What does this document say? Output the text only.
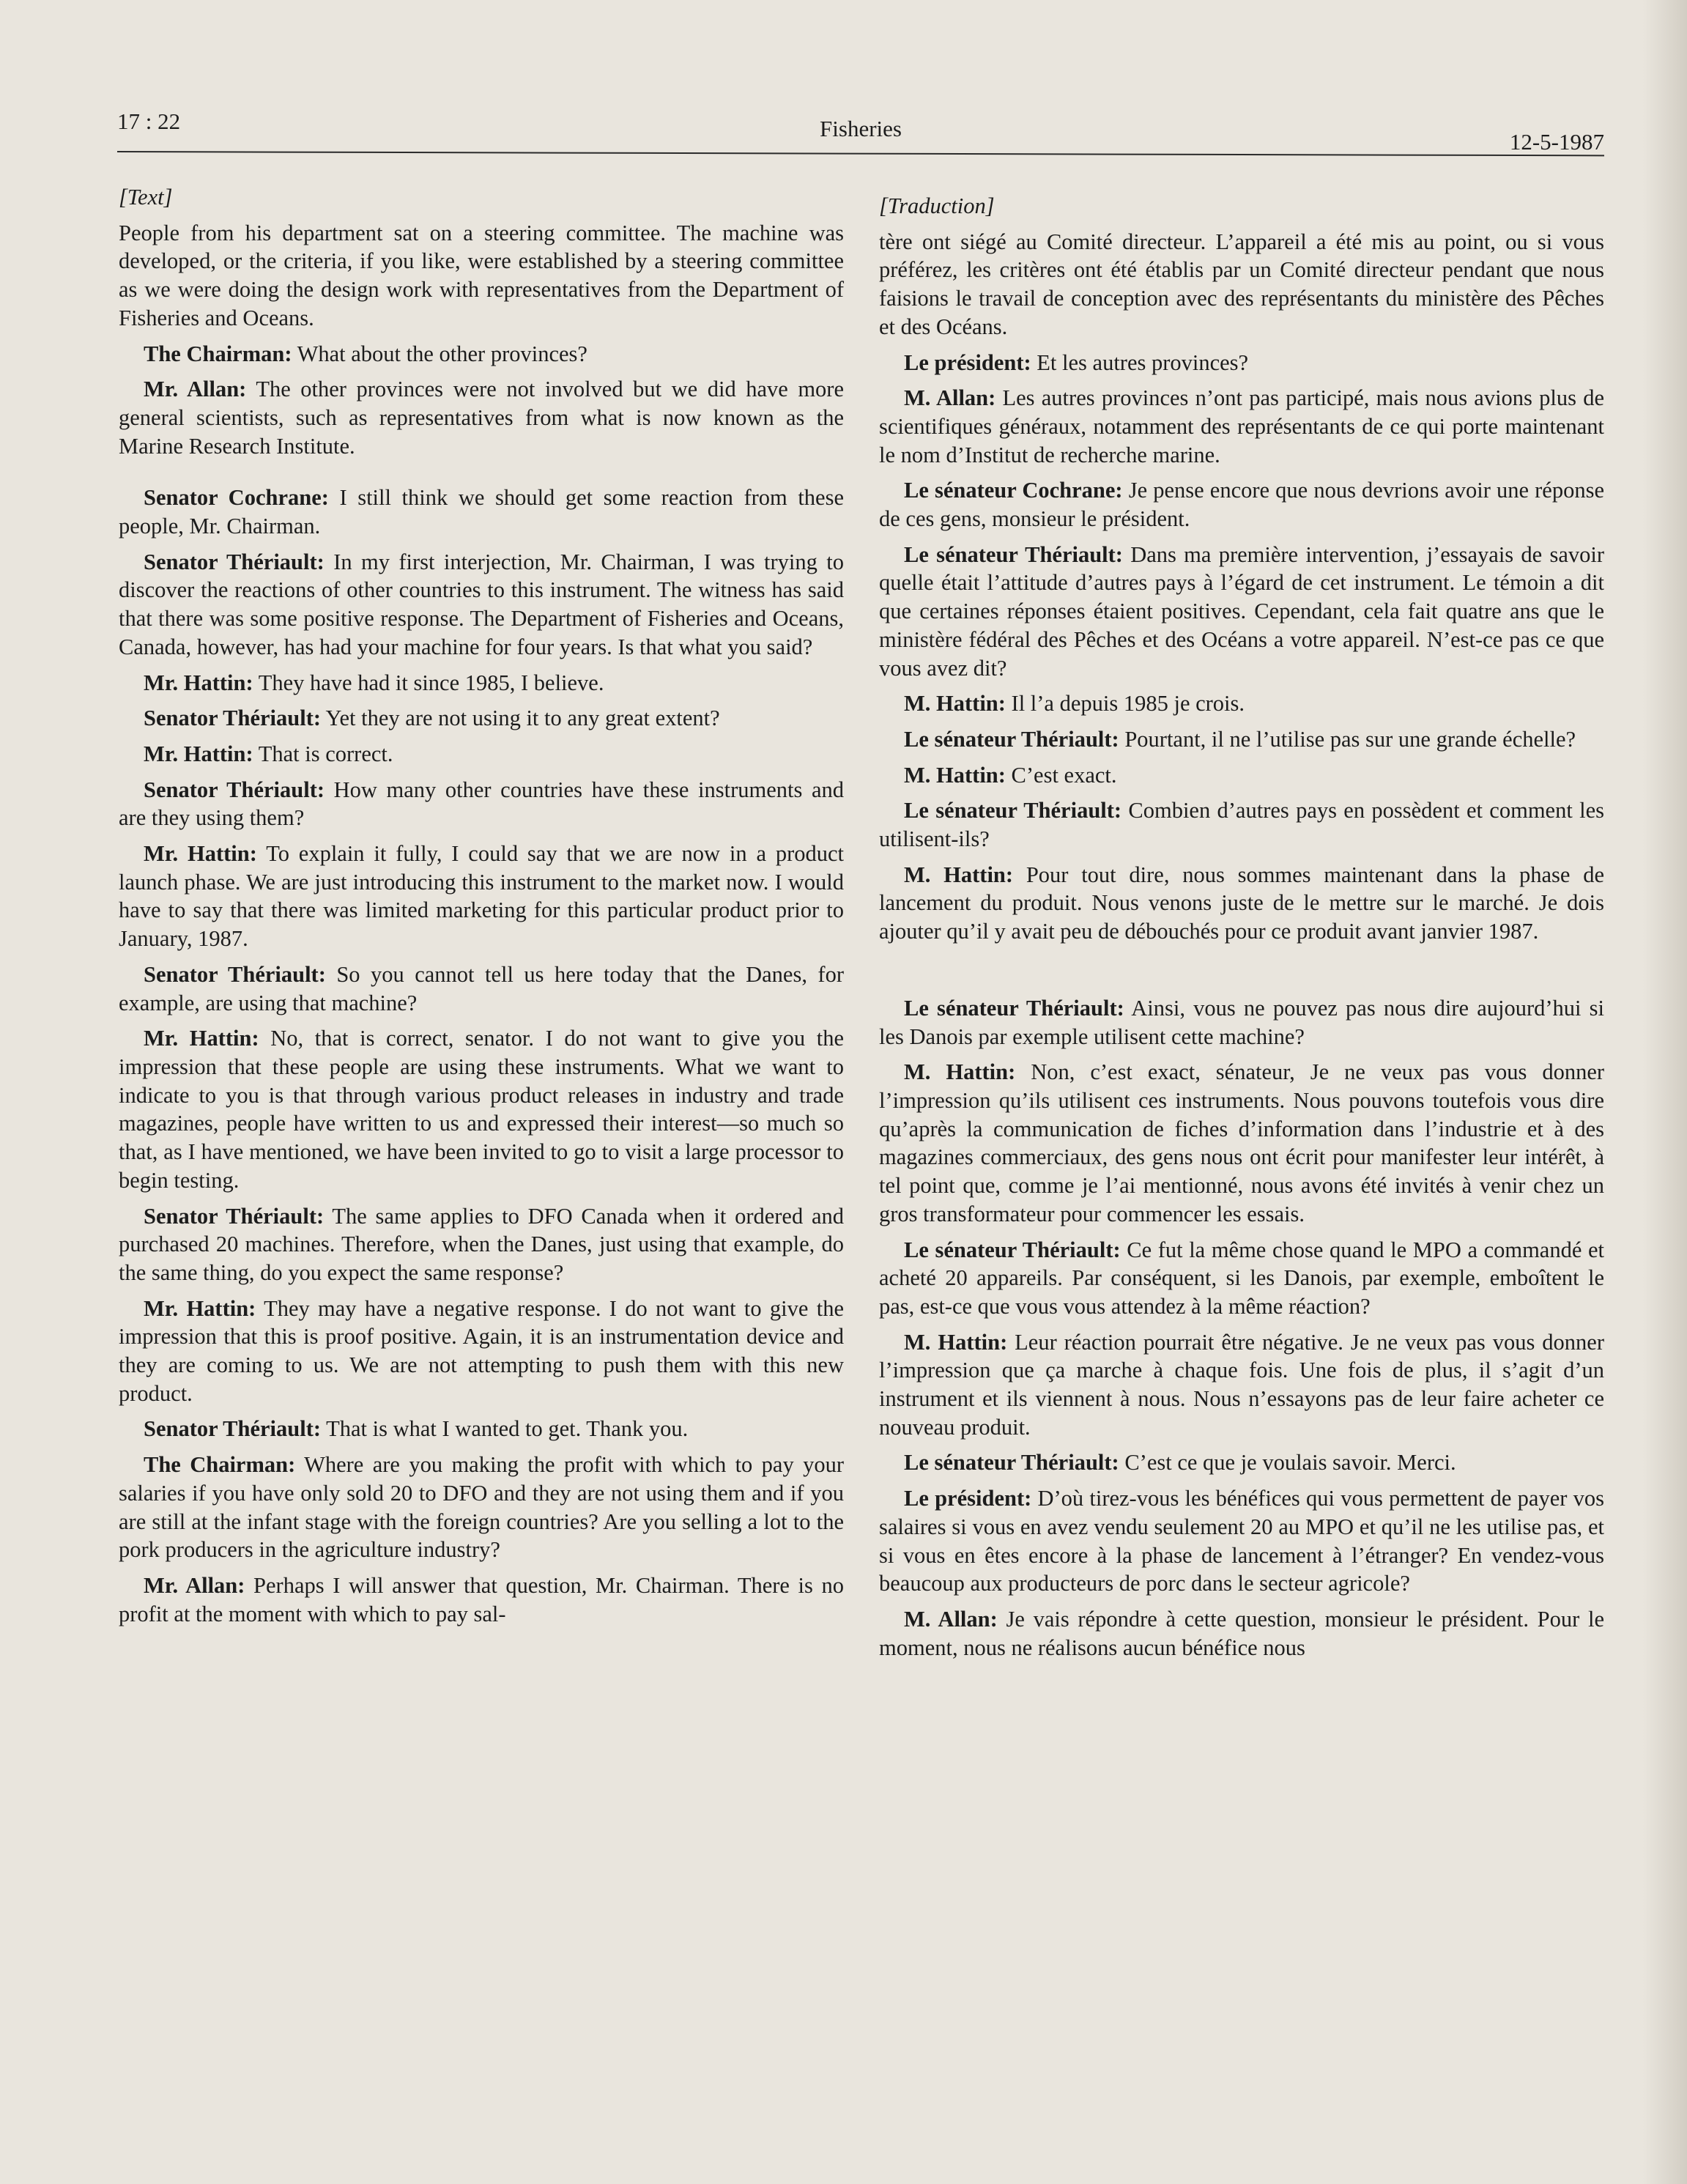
17 : 22	Fisheries
12-5-1987

[Text]

People from his department sat on a steering committee. The machine was developed, or the criteria, if you like, were established by a steering committee as we were doing the design work with representatives from the Department of Fisheries and Oceans.

The Chairman: What about the other provinces?

Mr. Allan: The other provinces were not involved but we did have more general scientists, such as representatives from what is now known as the Marine Research Institute.

Senator Cochrane: I still think we should get some reaction from these people, Mr. Chairman.

Senator Thériault: In my first interjection, Mr. Chairman, I was trying to discover the reactions of other countries to this instrument. The witness has said that there was some positive response. The Department of Fisheries and Oceans, Canada, however, has had your machine for four years. Is that what you said?

Mr. Hattin: They have had it since 1985, I believe.

Senator Thériault: Yet they are not using it to any great extent?

Mr. Hattin: That is correct.

Senator Thériault: How many other countries have these instruments and are they using them?

Mr. Hattin: To explain it fully, I could say that we are now in a product launch phase. We are just introducing this instrument to the market now. I would have to say that there was limited marketing for this particular product prior to January, 1987.

Senator Thériault: So you cannot tell us here today that the Danes, for example, are using that machine?

Mr. Hattin: No, that is correct, senator. I do not want to give you the impression that these people are using these instruments. What we want to indicate to you is that through various product releases in industry and trade magazines, people have written to us and expressed their interest—so much so that, as I have mentioned, we have been invited to go to visit a large processor to begin testing.

Senator Thériault: The same applies to DFO Canada when it ordered and purchased 20 machines. Therefore, when the Danes, just using that example, do the same thing, do you expect the same response?

Mr. Hattin: They may have a negative response. I do not want to give the impression that this is proof positive. Again, it is an instrumentation device and they are coming to us. We are not attempting to push them with this new product.

Senator Thériault: That is what I wanted to get. Thank you.

The Chairman: Where are you making the profit with which to pay your salaries if you have only sold 20 to DFO and they are not using them and if you are still at the infant stage with the foreign countries? Are you selling a lot to the pork producers in the agriculture industry?

Mr. Allan: Perhaps I will answer that question, Mr. Chairman. There is no profit at the moment with which to pay sal-

[Traduction]

tère ont siégé au Comité directeur. L’appareil a été mis au point, ou si vous préférez, les critères ont été établis par un Comité directeur pendant que nous faisions le travail de conception avec des représentants du ministère des Pêches et des Océans.

Le président: Et les autres provinces?

M. Allan: Les autres provinces n’ont pas participé, mais nous avions plus de scientifiques généraux, notamment des représentants de ce qui porte maintenant le nom d’Institut de recherche marine.

Le sénateur Cochrane: Je pense encore que nous devrions avoir une réponse de ces gens, monsieur le président.

Le sénateur Thériault: Dans ma première intervention, j’essayais de savoir quelle était l’attitude d’autres pays à l’égard de cet instrument. Le témoin a dit que certaines réponses étaient positives. Cependant, cela fait quatre ans que le ministère fédéral des Pêches et des Océans a votre appareil. N’est-ce pas ce que vous avez dit?

M. Hattin: Il l’a depuis 1985 je crois.

Le sénateur Thériault: Pourtant, il ne l’utilise pas sur une grande échelle?

M. Hattin: C’est exact.

Le sénateur Thériault: Combien d’autres pays en possèdent et comment les utilisent-ils?

M. Hattin: Pour tout dire, nous sommes maintenant dans la phase de lancement du produit. Nous venons juste de le mettre sur le marché. Je dois ajouter qu’il y avait peu de débouchés pour ce produit avant janvier 1987.

Le sénateur Thériault: Ainsi, vous ne pouvez pas nous dire aujourd’hui si les Danois par exemple utilisent cette machine?

M. Hattin: Non, c’est exact, sénateur, Je ne veux pas vous donner l’impression qu’ils utilisent ces instruments. Nous pouvons toutefois vous dire qu’après la communication de fiches d’information dans l’industrie et à des magazines commerciaux, des gens nous ont écrit pour manifester leur intérêt, à tel point que, comme je l’ai mentionné, nous avons été invités à venir chez un gros transformateur pour commencer les essais.

Le sénateur Thériault: Ce fut la même chose quand le MPO a commandé et acheté 20 appareils. Par conséquent, si les Danois, par exemple, emboîtent le pas, est-ce que vous vous attendez à la même réaction?

M. Hattin: Leur réaction pourrait être négative. Je ne veux pas vous donner l’impression que ça marche à chaque fois. Une fois de plus, il s’agit d’un instrument et ils viennent à nous. Nous n’essayons pas de leur faire acheter ce nouveau produit.

Le sénateur Thériault: C’est ce que je voulais savoir. Merci.

Le président: D’où tirez-vous les bénéfices qui vous permettent de payer vos salaires si vous en avez vendu seulement 20 au MPO et qu’il ne les utilise pas, et si vous en êtes encore à la phase de lancement à l’étranger? En vendez-vous beaucoup aux producteurs de porc dans le secteur agricole?

M. Allan: Je vais répondre à cette question, monsieur le président. Pour le moment, nous ne réalisons aucun bénéfice nous
